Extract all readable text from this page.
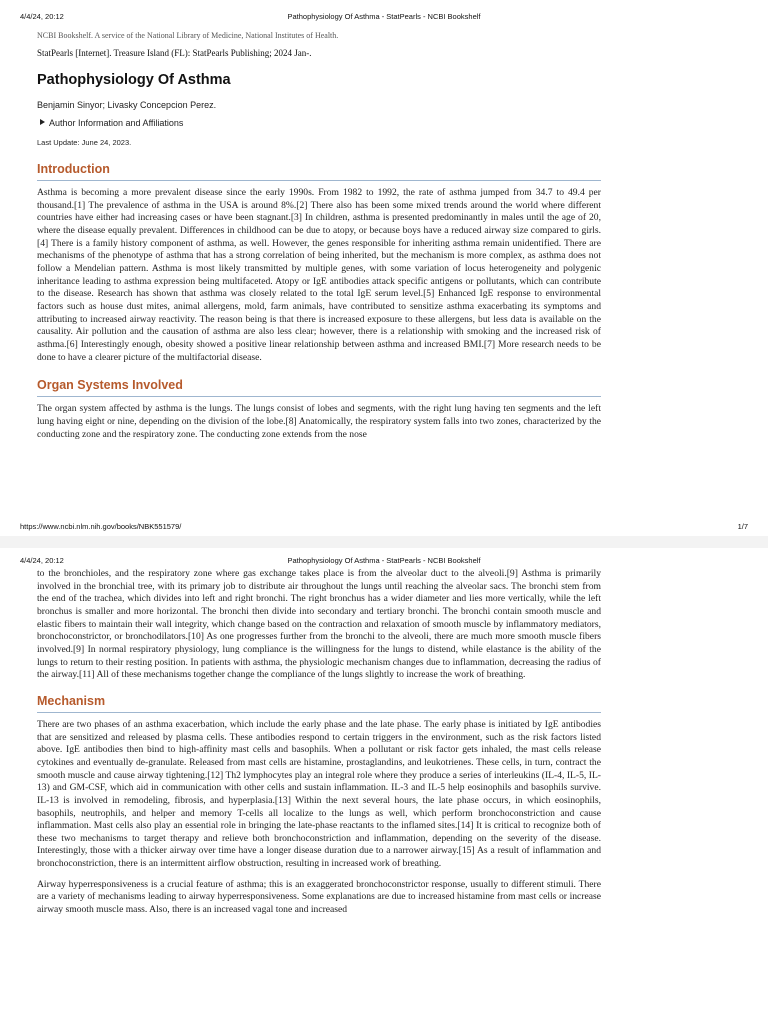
4/4/24, 20:12	Pathophysiology Of Asthma - StatPearls - NCBI Bookshelf

NCBI Bookshelf. A service of the National Library of Medicine, National Institutes of Health.

StatPearls [Internet]. Treasure Island (FL): StatPearls Publishing; 2024 Jan-.

Pathophysiology Of Asthma
Benjamin Sinyor; Livasky Concepcion Perez.
Author Information and Affiliations
Last Update: June 24, 2023.
Introduction

Asthma is becoming a more prevalent disease since the early 1990s. From 1982 to 1992, the rate of asthma jumped from 34.7 to 49.4 per thousand.[1] The prevalence of asthma in the USA is around 8%.[2] There also has been some mixed trends around the world where different countries have either had increasing cases or have been stagnant.[3] In children, asthma is presented predominantly in males until the age of 20, where the disease equally prevalent. Differences in childhood can be due to atopy, or because boys have a reduced airway size compared to girls.[4] There is a family history component of asthma, as well. However, the genes responsible for inheriting asthma remain unidentified. There are mechanisms of the phenotype of asthma that has a strong correlation of being inherited, but the mechanism is more complex, as asthma does not follow a Mendelian pattern. Asthma is most likely transmitted by multiple genes, with some variation of locus heterogeneity and polygenic inheritance leading to asthma expression being multifaceted. Atopy or IgE antibodies attack specific antigens or pollutants, which can contribute to the disease. Research has shown that asthma was closely related to the total IgE serum level.[5] Enhanced IgE response to environmental factors such as house dust mites, animal allergens, mold, farm animals, have contributed to sensitize asthma exacerbating its symptoms and attributing to increased airway reactivity. The reason being is that there is increased exposure to these allergens, but less data is available on the causality. Air pollution and the causation of asthma are also less clear; however, there is a relationship with smoking and the increased risk of asthma.[6] Interestingly enough, obesity showed a positive linear relationship between asthma and increased BMI.[7] More research needs to be done to have a clearer picture of the multifactorial disease.

Organ Systems Involved

The organ system affected by asthma is the lungs. The lungs consist of lobes and segments, with the right lung having ten segments and the left lung having eight or nine, depending on the division of the lobe.[8] Anatomically, the respiratory system falls into two zones, characterized by the conducting zone and the respiratory zone. The conducting zone extends from the nose

https://www.ncbi.nlm.nih.gov/books/NBK551579/	1/7
4/4/24, 20:12	Pathophysiology Of Asthma - StatPearls - NCBI Bookshelf

to the bronchioles, and the respiratory zone where gas exchange takes place is from the alveolar duct to the alveoli.[9] Asthma is primarily involved in the bronchial tree, with its primary job to distribute air throughout the lungs until reaching the alveolar sacs. The bronchi stem from the end of the trachea, which divides into left and right bronchi. The right bronchus has a wider diameter and lies more vertically, while the left bronchus is smaller and more horizontal. The bronchi then divide into secondary and tertiary bronchi. The bronchi contain smooth muscle and elastic fibers to maintain their wall integrity, which change based on the contraction and relaxation of smooth muscle by inflammatory mediators, bronchoconstrictor, or bronchodilators.[10] As one progresses further from the bronchi to the alveoli, there are much more smooth muscle fibers involved.[9] In normal respiratory physiology, lung compliance is the willingness for the lungs to distend, while elastance is the ability of the lungs to return to their resting position. In patients with asthma, the physiologic mechanism changes due to inflammation, decreasing the radius of the airway.[11] All of these mechanisms together change the compliance of the lungs slightly to increase the work of breathing.

Mechanism

There are two phases of an asthma exacerbation, which include the early phase and the late phase. The early phase is initiated by IgE antibodies that are sensitized and released by plasma cells. These antibodies respond to certain triggers in the environment, such as the risk factors listed above. IgE antibodies then bind to high-affinity mast cells and basophils. When a pollutant or risk factor gets inhaled, the mast cells release cytokines and eventually de-granulate. Released from mast cells are histamine, prostaglandins, and leukotrienes. These cells, in turn, contract the smooth muscle and cause airway tightening.[12] Th2 lymphocytes play an integral role where they produce a series of interleukins (IL-4, IL-5, IL-13) and GM-CSF, which aid in communication with other cells and sustain inflammation. IL-3 and IL-5 help eosinophils and basophils survive. IL-13 is involved in remodeling, fibrosis, and hyperplasia.[13] Within the next several hours, the late phase occurs, in which eosinophils, basophils, neutrophils, and helper and memory T-cells all localize to the lungs as well, which perform bronchoconstriction and cause inflammation. Mast cells also play an essential role in bringing the late-phase reactants to the inflamed sites.[14] It is critical to recognize both of these two mechanisms to target therapy and relieve both bronchoconstriction and inflammation, depending on the severity of the disease. Interestingly, those with a thicker airway over time have a longer disease duration due to a narrower airway.[15] As a result of inflammation and bronchoconstriction, there is an intermittent airflow obstruction, resulting in increased work of breathing.

Airway hyperresponsiveness is a crucial feature of asthma; this is an exaggerated bronchoconstrictor response, usually to different stimuli. There are a variety of mechanisms leading to airway hyperresponsiveness. Some explanations are due to increased histamine from mast cells or increase airway smooth muscle mass. Also, there is an increased vagal tone and increased
